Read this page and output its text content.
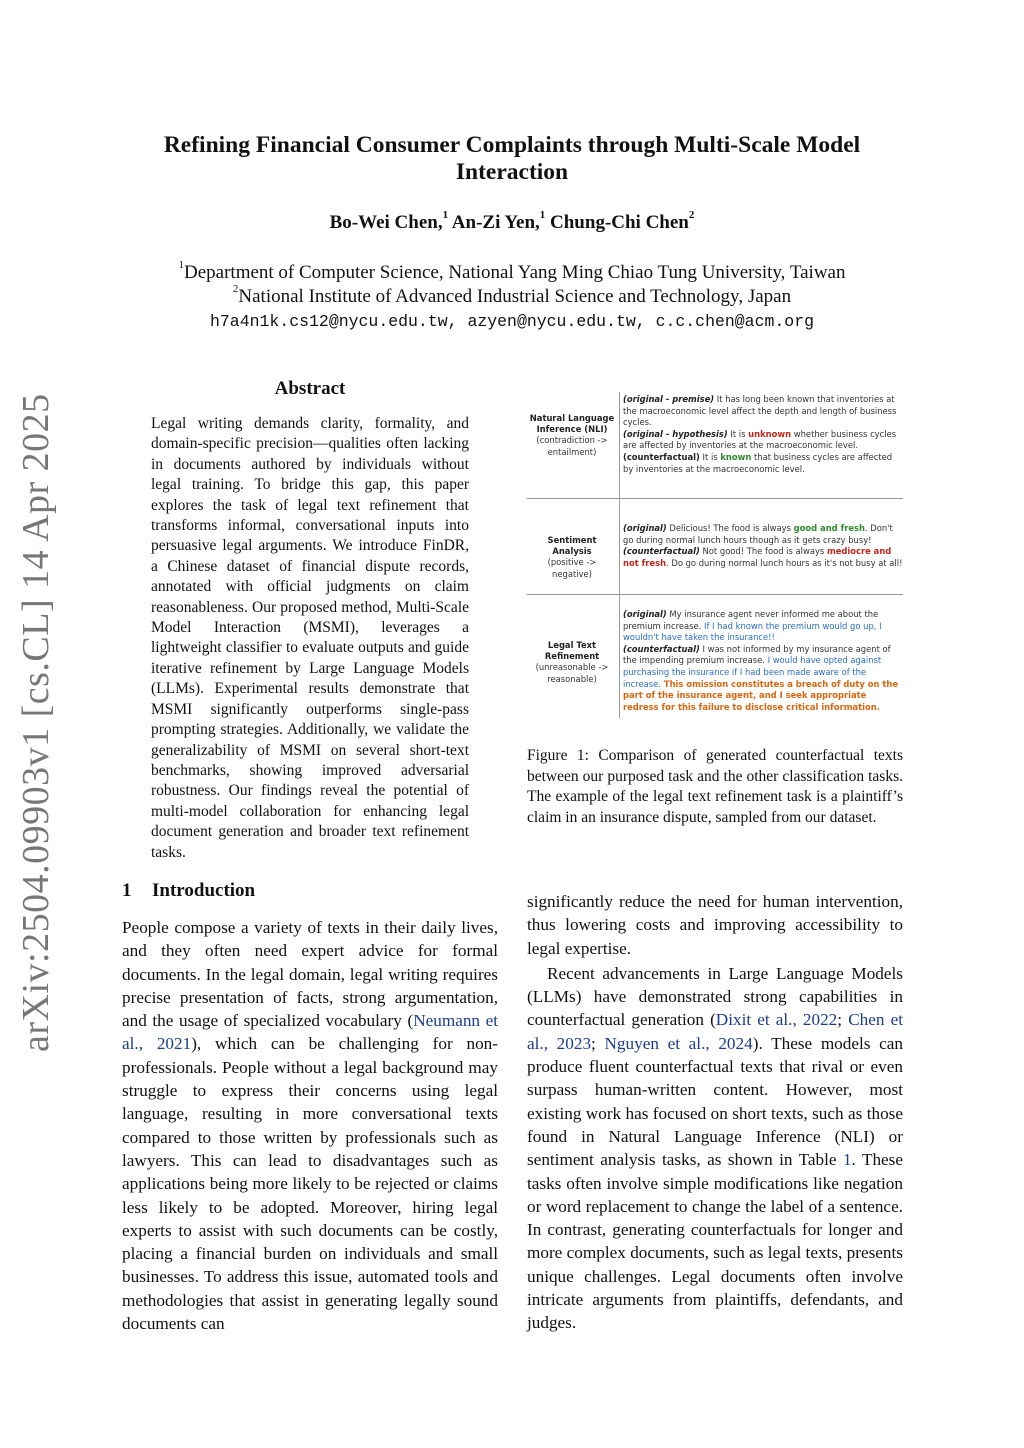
arXiv:2504.09903v1 [cs.CL] 14 Apr 2025
Refining Financial Consumer Complaints through Multi-Scale Model
Interaction
Bo-Wei Chen,$^1$ An-Zi Yen,$^1$ Chung-Chi Chen$^2$
$^1$Department of Computer Science, National Yang Ming Chiao Tung University, Taiwan
$^2$National Institute of Advanced Industrial Science and Technology, Japan
h7a4n1k.cs12@nycu.edu.tw, azyen@nycu.edu.tw, c.c.chen@acm.org
Abstract
Legal writing demands clarity, formality, and domain-specific precision—qualities often lacking in documents authored by individuals without legal training. To bridge this gap, this paper explores the task of legal text refinement that transforms informal, conversational inputs into persuasive legal arguments. We introduce FinDR, a Chinese dataset of financial dispute records, annotated with official judgments on claim reasonableness. Our proposed method, Multi-Scale Model Interaction (MSMI), leverages a lightweight classifier to evaluate outputs and guide iterative refinement by Large Language Models (LLMs). Experimental results demonstrate that MSMI significantly outperforms single-pass prompting strategies. Additionally, we validate the generalizability of MSMI on several short-text benchmarks, showing improved adversarial robustness. Our findings reveal the potential of multi-model collaboration for enhancing legal document generation and broader text refinement tasks.
1 Introduction

People compose a variety of texts in their daily lives, and they often need expert advice for formal documents. In the legal domain, legal writing requires precise presentation of facts, strong argumentation, and the usage of specialized vocabulary (Neumann et al., 2021), which can be challenging for non-professionals. People without a legal background may struggle to express their concerns using legal language, resulting in more conversational texts compared to those written by professionals such as lawyers. This can lead to disadvantages such as applications being more likely to be rejected or claims less likely to be adopted. Moreover, hiring legal experts to assist with such documents can be costly, placing a financial burden on individuals and small businesses. To address this issue, automated tools and methodologies that assist in generating legally sound documents can

Natural Language
Inference (NLI)
(contradiction ->
entailment)
(original - premise) It has long been known that inventories at the macroeconomic level affect the depth and length of business cycles.
(original - hypothesis) It is unknown whether business cycles are affected by inventories at the macroeconomic level.
(counterfactual) It is known that business cycles are affected by inventories at the macroeconomic level.
Sentiment Analysis
(positive -> negative)
(original) Delicious! The food is always good and fresh. Don't go during normal lunch hours though as it gets crazy busy!
(counterfactual) Not good! The food is always mediocre and not fresh. Do go during normal lunch hours as it's not busy at all!
Legal Text
Refinement
(unreasonable ->
reasonable)
(original) My insurance agent never informed me about the premium increase. If I had known the premium would go up, I wouldn't have taken the insurance!!
(counterfactual) I was not informed by my insurance agent of the impending premium increase. I would have opted against purchasing the insurance if I had been made aware of the increase. This omission constitutes a breach of duty on the part of the insurance agent, and I seek appropriate redress for this failure to disclose critical information.
Figure 1: Comparison of generated counterfactual texts between our purposed task and the other classification tasks. The example of the legal text refinement task is a plaintiff’s claim in an insurance dispute, sampled from our dataset.

significantly reduce the need for human intervention, thus lowering costs and improving accessibility to legal expertise.

Recent advancements in Large Language Models (LLMs) have demonstrated strong capabilities in counterfactual generation (Dixit et al., 2022; Chen et al., 2023; Nguyen et al., 2024). These models can produce fluent counterfactual texts that rival or even surpass human-written content. However, most existing work has focused on short texts, such as those found in Natural Language Inference (NLI) or sentiment analysis tasks, as shown in Table 1. These tasks often involve simple modifications like negation or word replacement to change the label of a sentence. In contrast, generating counterfactuals for longer and more complex documents, such as legal texts, presents unique challenges. Legal documents often involve intricate arguments from plaintiffs, defendants, and judges.
